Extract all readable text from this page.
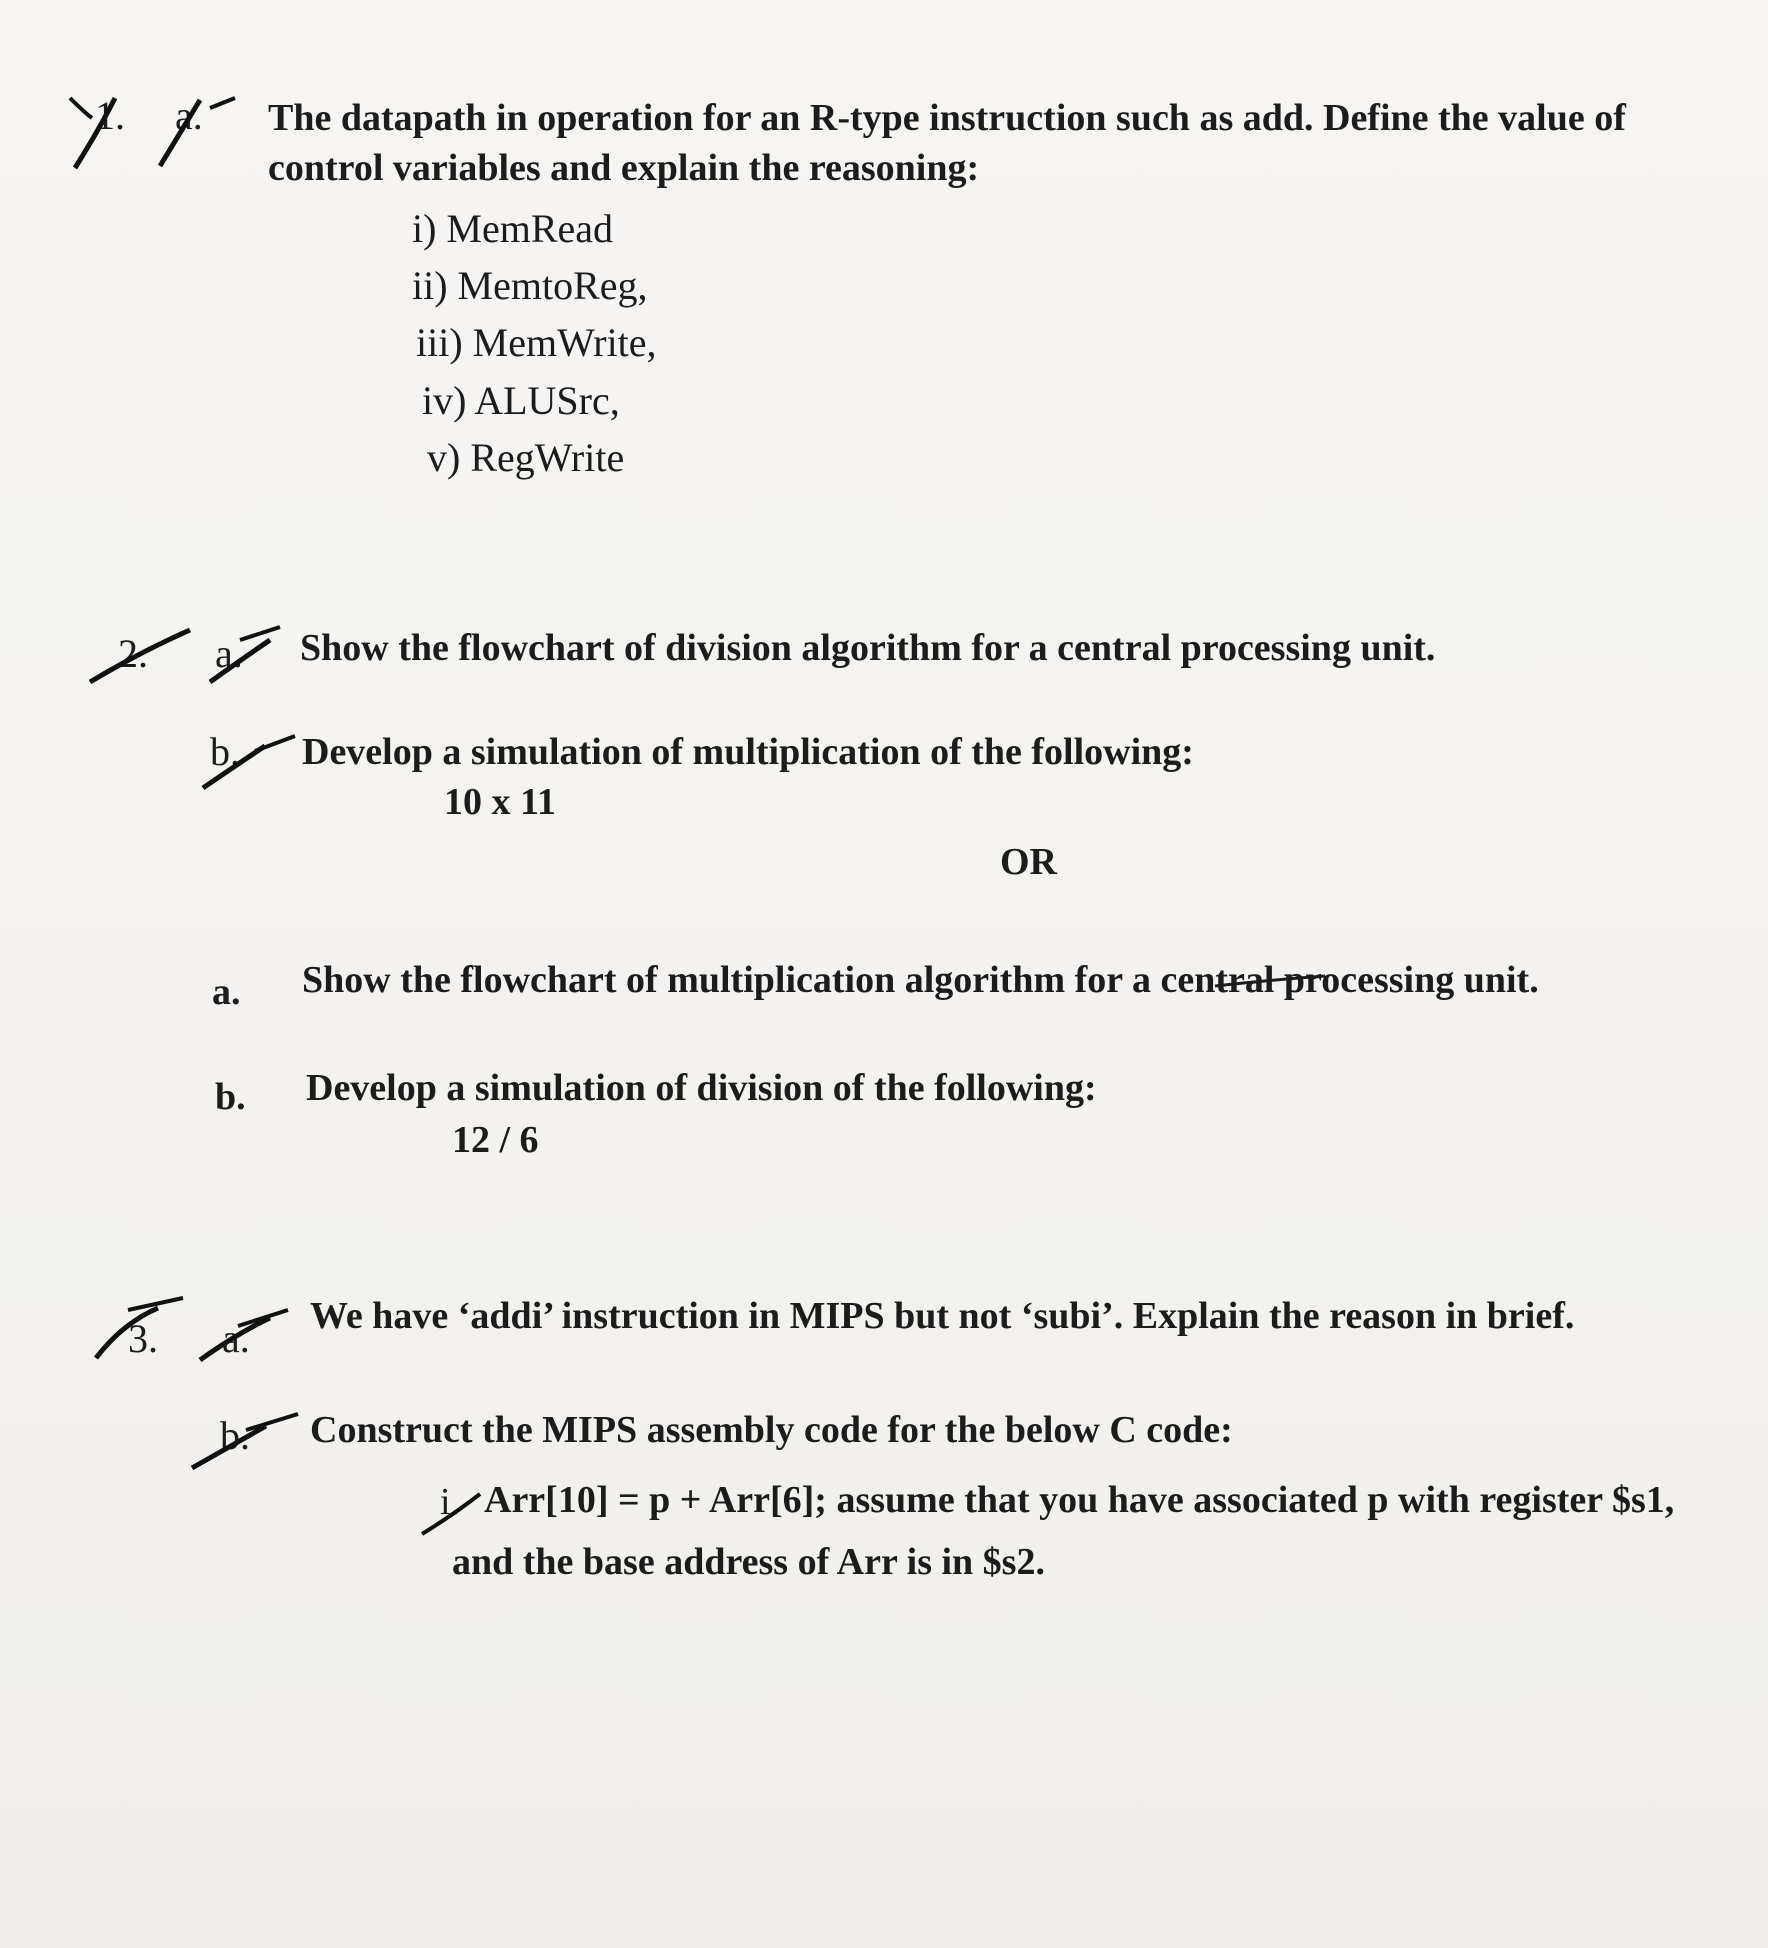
1. a. The datapath in operation for an R-type instruction such as add. Define the value of
control variables and explain the reasoning:
i) MemRead
ii) MemtoReg,
iii) MemWrite,
iv) ALUSrc,
v) RegWrite
2. a. Show the flowchart of division algorithm for a central processing unit.
b. Develop a simulation of multiplication of the following:
10 x 11
OR
a. Show the flowchart of multiplication algorithm for a central processing unit.
b. Develop a simulation of division of the following:
12 / 6
3. a. We have ‘addi’ instruction in MIPS but not ‘subi’. Explain the reason in brief.
b. Construct the MIPS assembly code for the below C code:
i. Arr[10] = p + Arr[6]; assume that you have associated p with register $s1,
and the base address of Arr is in $s2.
